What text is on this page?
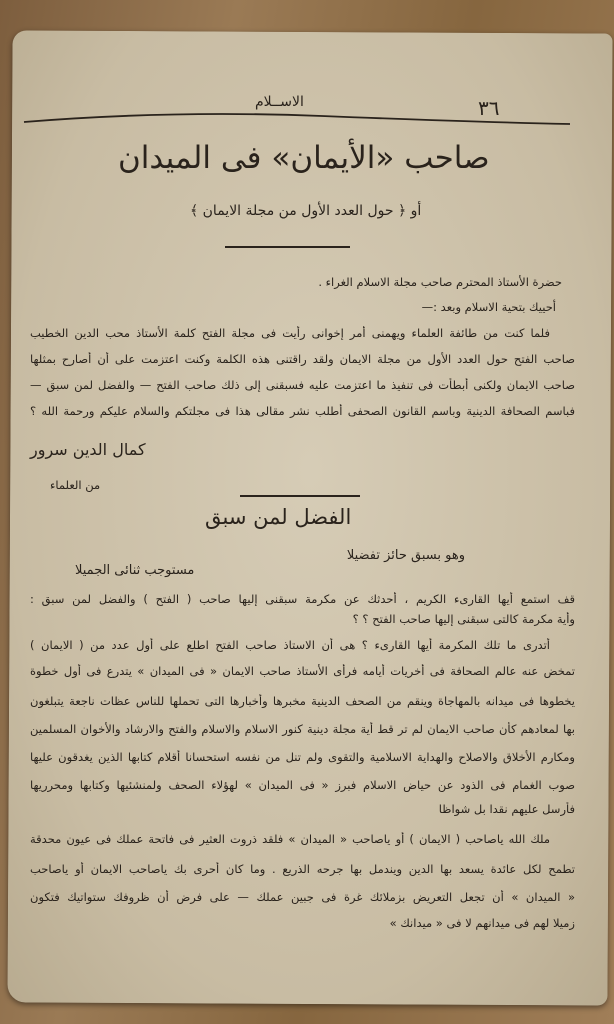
٣٦
الاســلام
صاحب «الأيمان» فى الميدان
أو ﴿ حول العدد الأول من مجلة الايمان ﴾
حضرة الأستاذ المحترم صاحب مجلة الاسلام الغراء .
أحييك بتحية الاسلام وبعد :—
فلما كنت من طائفة العلماء ويهمنى أمر إخوانى رأيت فى مجلة الفتح كلمة الأستاذ محب الدين الخطيب
صاحب الفتح حول العدد الأول من مجلة الايمان ولقد راقتنى هذه الكلمة وكنت اعتزمت على أن أصارح بمثلها
صاحب الايمان ولكنى أبطأت فى تنفيذ ما اعتزمت عليه فسبقنى إلى ذلك صاحب الفتح — والفضل لمن سبق —
فباسم الصحافة الدينية وباسم القانون الصحفى أطلب نشر مقالى هذا فى مجلتكم والسلام عليكم ورحمة الله ؟
كمال الدين سرور
من العلماء
الفضل لمن سبق
وهو بسبق حائز تفضيلا
مستوجب ثنائى الجميلا
قف استمع أيها القارىء الكريم ، أحدثك عن مكرمة سبقنى إليها صاحب ( الفتح ) والفضل لمن سبق :
وأية مكرمة كالتى سبقنى إليها صاحب الفتح ؟ ؟
أتدرى ما تلك المكرمة أيها القارىء ؟ هى أن الاستاذ صاحب الفتح اطلع على أول عدد من ( الايمان )
تمخض عنه عالم الصحافة فى أخريات أيامه فرأى الأستاذ صاحب الايمان « فى الميدان » يتدرع فى أول خطوة
يخطوها فى ميدانه بالمهاجاة وينقم من الصحف الدينية مخبرها وأخبارها التى تحملها للناس عظات ناجعة يتبلغون
بها لمعادهم كأن صاحب الايمان لم تر قط أية مجلة دينية كنور الاسلام والاسلام والفتح والارشاد والأخوان المسلمين
ومكارم الأخلاق والاصلاح والهداية الاسلامية والتقوى ولم تنل من نفسه استحسانا أقلام كتابها الذين يغدقون عليها
صوب الغمام فى الذود عن حياض الاسلام فبرز « فى الميدان » لهؤلاء الصحف ولمنشئيها وكتابها ومحرريها
فأرسل عليهم نقدا بل شواظا
ملك الله ياصاحب ( الايمان ) أو ياصاحب « الميدان » فلقد ذروت العثير فى فاتحة عملك فى عيون محدقة
تطمح لكل عائدة يسعد بها الدين ويندمل بها جرحه الذريع . وما كان أحرى بك ياصاحب الايمان أو ياصاحب
« الميدان » أن تجعل التعريض بزملائك غرة فى جبين عملك — على فرض أن ظروفك ستواتيك فتكون
زميلا لهم فى ميدانهم لا فى « ميدانك »
